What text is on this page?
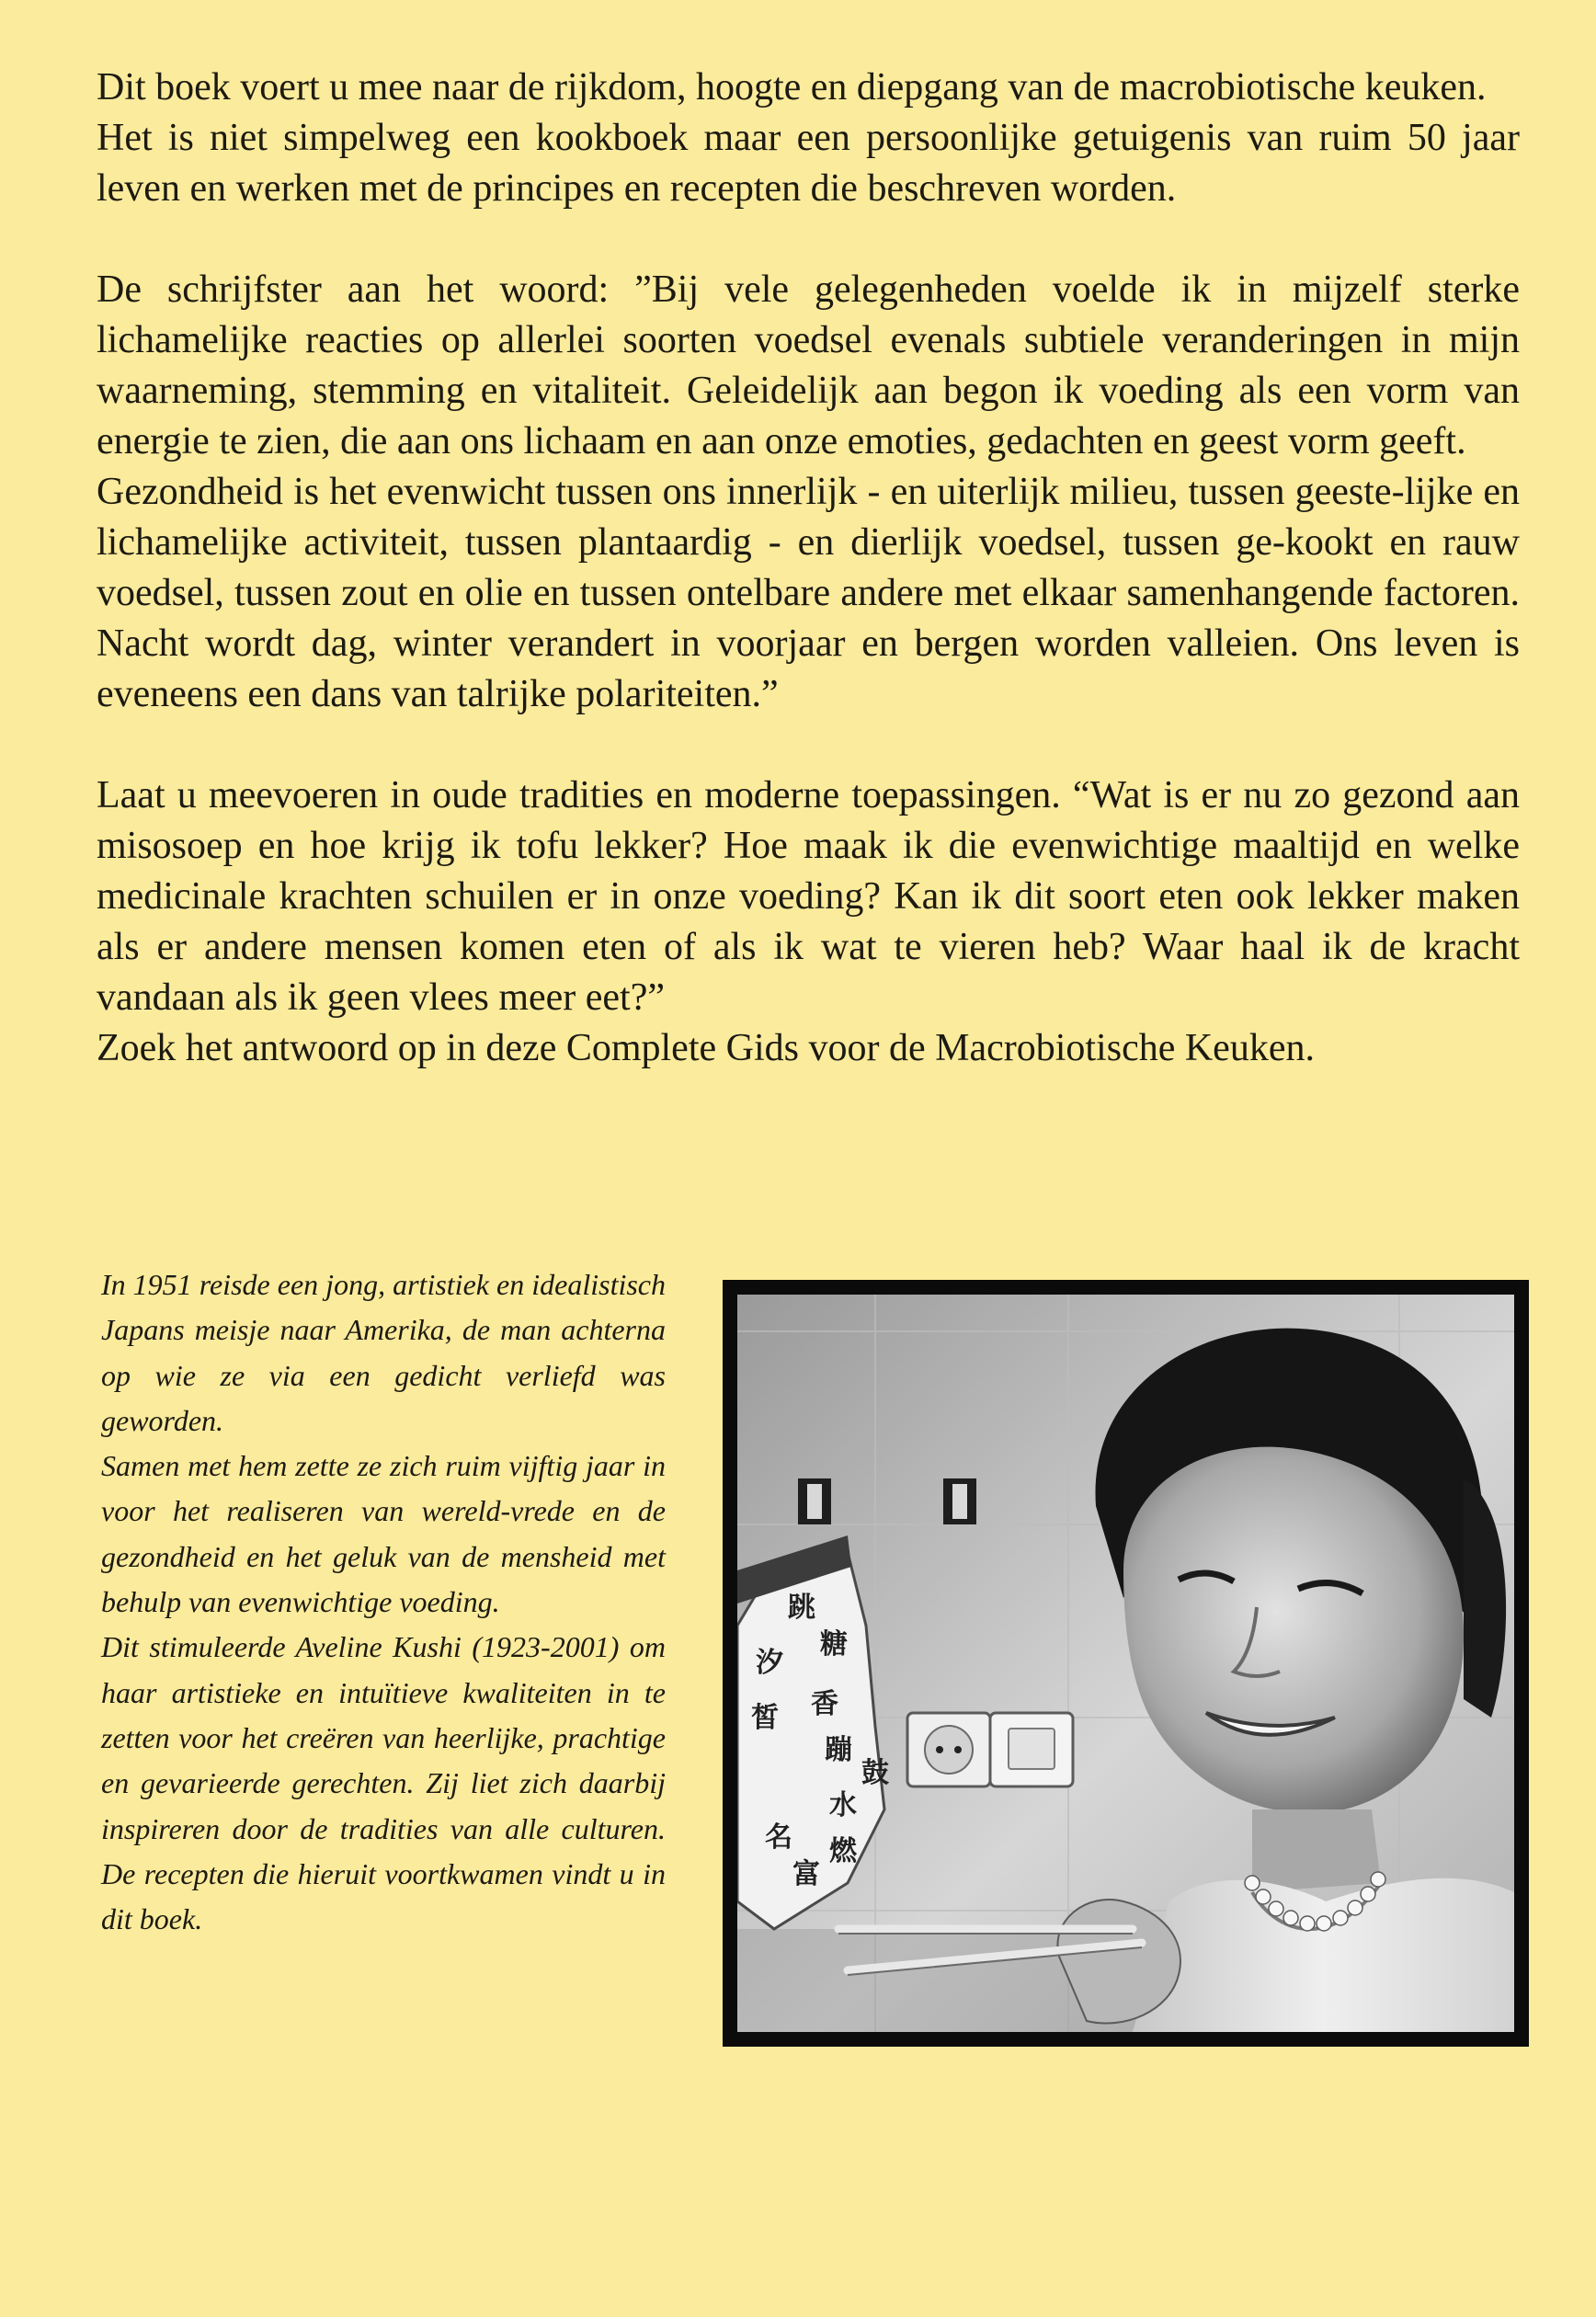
Dit boek voert u mee naar de rijkdom, hoogte en diepgang van de macrobiotische keuken.

Het is niet simpelweg een kookboek maar een persoonlijke getuigenis van ruim 50 jaar leven en werken met de principes en recepten die beschreven worden.

De schrijfster aan het woord: ”Bij vele gelegenheden voelde ik in mijzelf sterke lichamelijke reacties op allerlei soorten voedsel evenals subtiele veranderingen in mijn waarneming, stemming en vitaliteit. Geleidelijk aan begon ik voeding als een vorm van energie te zien, die aan ons lichaam en aan onze emoties, gedachten en geest vorm geeft.

Gezondheid is het evenwicht tussen ons innerlijk - en uiterlijk milieu, tussen geeste-lijke en lichamelijke activiteit, tussen plantaardig - en dierlijk voedsel, tussen ge-kookt en rauw voedsel, tussen zout en olie en tussen ontelbare andere met elkaar samenhangende factoren. Nacht wordt dag, winter verandert in voorjaar en bergen worden valleien. Ons leven is eveneens een dans van talrijke polariteiten.”

Laat u meevoeren in oude tradities en moderne toepassingen. “Wat is er nu zo gezond aan misosoep en hoe krijg ik tofu lekker? Hoe maak ik die evenwichtige maaltijd en welke medicinale krachten schuilen er in onze voeding? Kan ik dit soort eten ook lekker maken als er andere mensen komen eten of als ik wat te vieren heb? Waar haal ik de kracht vandaan als ik geen vlees meer eet?”

Zoek het antwoord op in deze Complete Gids voor de Macrobiotische Keuken.

In 1951 reisde een jong, artistiek en idealistisch Japans meisje naar Amerika, de man achterna op wie ze via een gedicht verliefd was geworden.

Samen met hem zette ze zich ruim vijftig jaar in voor het realiseren van wereld-vrede en de gezondheid en het geluk van de mensheid met behulp van evenwichtige voeding.

Dit stimuleerde Aveline Kushi (1923-2001) om haar artistieke en intuïtieve kwaliteiten in te zetten voor het creëren van heerlijke, prachtige en gevarieerde gerechten. Zij liet zich daarbij inspireren door de tradities van alle culturen. De recepten die hieruit voortkwamen vindt u in dit boek.

跳
糖
香
蹦
水
燃
汐
皙
名
富
鼓
